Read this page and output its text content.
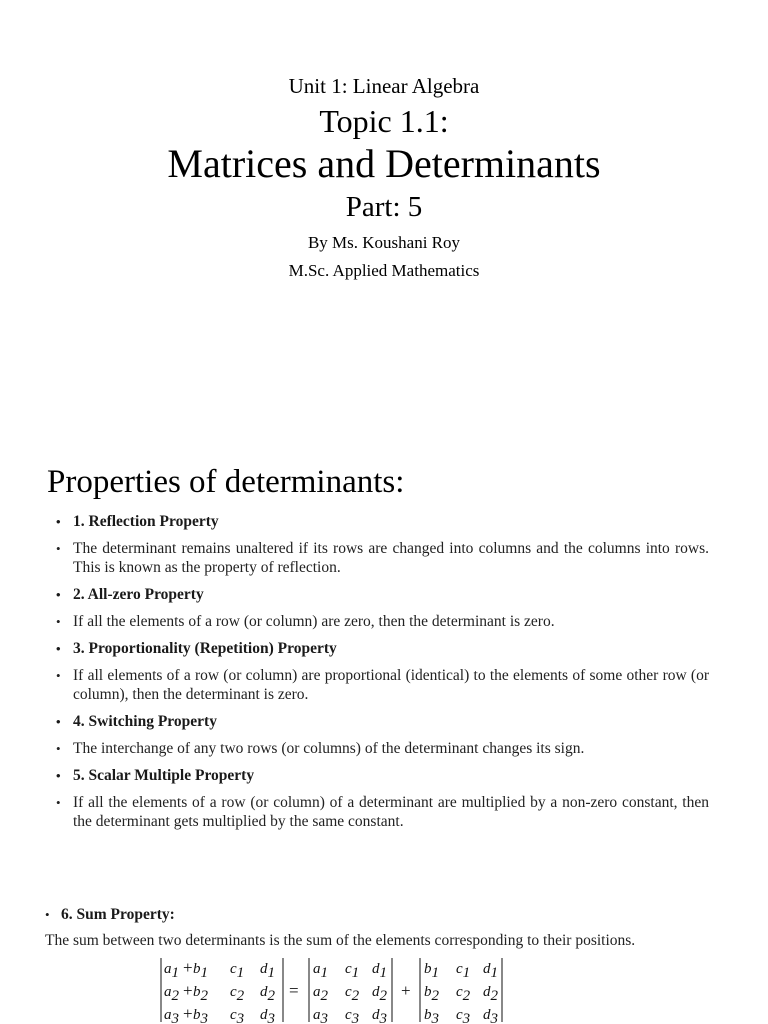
Unit 1: Linear Algebra
Topic 1.1:
Matrices and Determinants
Part: 5
By Ms. Koushani Roy
M.Sc. Applied Mathematics
Properties of determinants:
• 1. Reflection Property
• The determinant remains unaltered if its rows are changed into columns and the columns into rows. This is known as the property of reflection.
• 2. All-zero Property
• If all the elements of a row (or column) are zero, then the determinant is zero.
• 3. Proportionality (Repetition) Property
• If all elements of a row (or column) are proportional (identical) to the elements of some other row (or column), then the determinant is zero.
• 4. Switching Property
• The interchange of any two rows (or columns) of the determinant changes its sign.
• 5. Scalar Multiple Property
• If all the elements of a row (or column) of a determinant are multiplied by a non-zero constant, then the determinant gets multiplied by the same constant.
• 6. Sum Property:
The sum between two determinants is the sum of the elements corresponding to their positions.
a1 + b1 c1 d1
a2 + b2 c2 d2
a3 + b3 c3 d3
=
a1 c1 d1
a2 c2 d2
a3 c3 d3
+
b1 c1 d1
b2 c2 d2
b3 c3 d3
